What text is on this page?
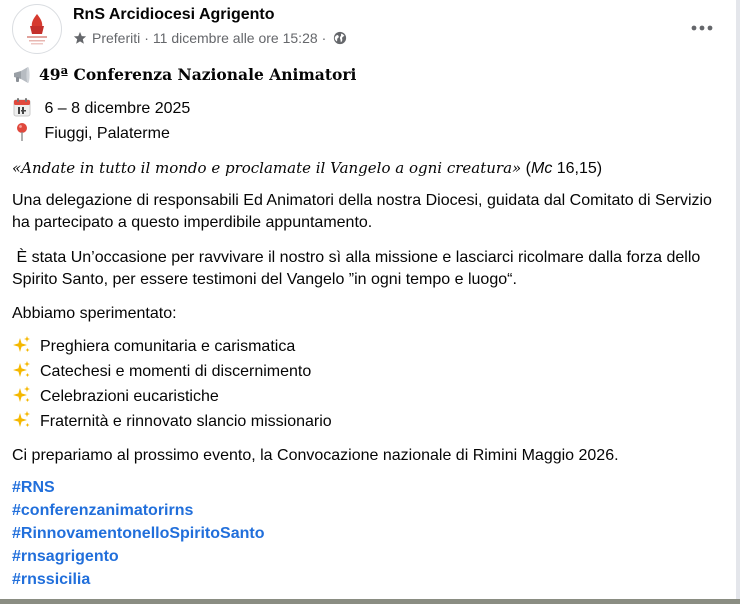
RnS Arcidiocesi Agrigento
Preferiti · 11 dicembre alle ore 15:28 ·
49ª Conferenza Nazionale Animatori
6 – 8 dicembre 2025
Fiuggi, Palaterme
«Andate in tutto il mondo e proclamate il Vangelo a ogni creatura» (Mc 16,15)
Una delegazione di responsabili Ed Animatori della nostra Diocesi, guidata dal Comitato di Servizio ha partecipato a questo imperdibile appuntamento.
È stata Un’occasione per ravvivare il nostro sì alla missione e lasciarci ricolmare dalla forza dello Spirito Santo, per essere testimoni del Vangelo ”in ogni tempo e luogo“.
Abbiamo sperimentato:
Preghiera comunitaria e carismatica
Catechesi e momenti di discernimento
Celebrazioni eucaristiche
Fraternità e rinnovato slancio missionario
Ci prepariamo al prossimo evento, la Convocazione nazionale di Rimini Maggio 2026.
#RNS
#conferenzanimatorirns
#RinnovamentonelloSpiritoSanto
#rnsagrigento
#rnssicilia
